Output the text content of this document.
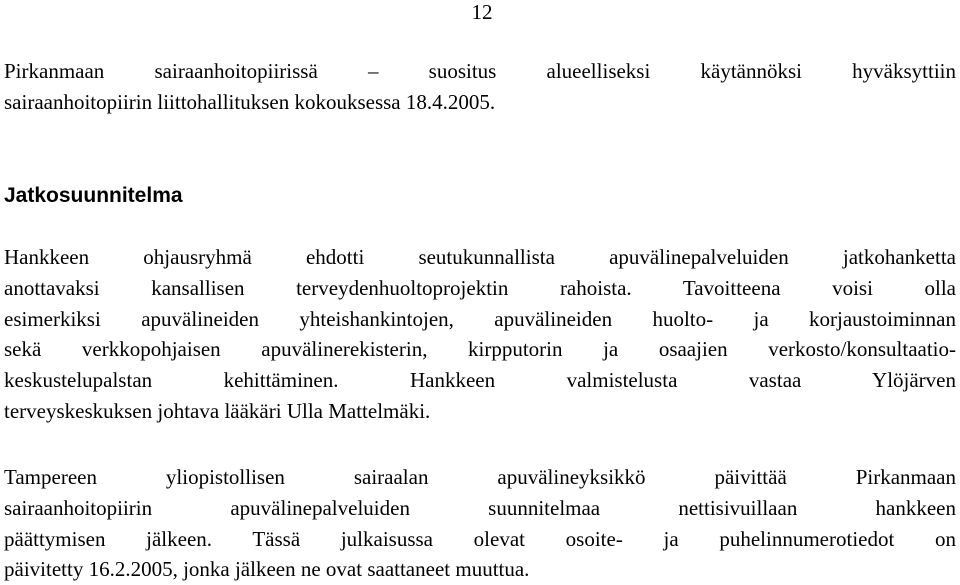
12
Pirkanmaan sairaanhoitopiirissä – suositus alueelliseksi käytännöksi hyväksyttiin
sairaanhoitopiirin liittohallituksen kokouksessa 18.4.2005.
Jatkosuunnitelma
Hankkeen ohjausryhmä ehdotti seutukunnallista apuvälinepalveluiden jatkohanketta
anottavaksi kansallisen terveydenhuoltoprojektin rahoista. Tavoitteena voisi olla
esimerkiksi apuvälineiden yhteishankintojen, apuvälineiden huolto- ja korjaustoiminnan
sekä verkkopohjaisen apuvälinerekisterin, kirpputorin ja osaajien verkosto/konsultaatio-
keskustelupalstan kehittäminen. Hankkeen valmistelusta vastaa Ylöjärven
terveyskeskuksen johtava lääkäri Ulla Mattelmäki.
Tampereen yliopistollisen sairaalan apuvälineyksikkö päivittää Pirkanmaan
sairaanhoitopiirin apuvälinepalveluiden suunnitelmaa nettisivuillaan hankkeen
päättymisen jälkeen. Tässä julkaisussa olevat osoite- ja puhelinnumerotiedot on
päivitetty 16.2.2005, jonka jälkeen ne ovat saattaneet muuttua.
